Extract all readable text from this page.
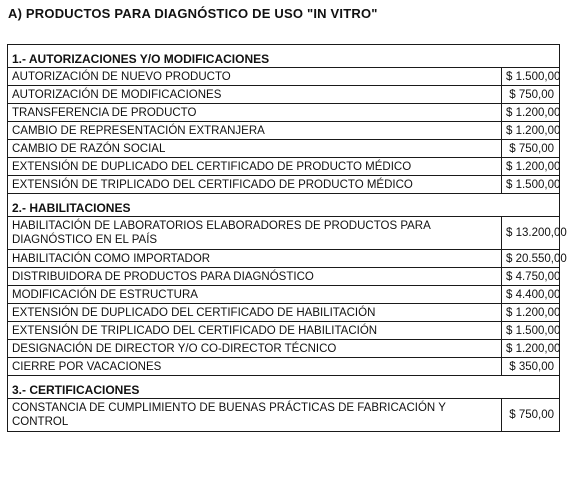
A) PRODUCTOS PARA DIAGNÓSTICO DE USO "IN VITRO"
1.- AUTORIZACIONES Y/O MODIFICACIONES	
AUTORIZACIÓN DE NUEVO PRODUCTO	$ 1.500,00
AUTORIZACIÓN DE MODIFICACIONES	$ 750,00
TRANSFERENCIA DE PRODUCTO	$ 1.200,00
CAMBIO DE REPRESENTACIÓN EXTRANJERA	$ 1.200,00
CAMBIO DE RAZÓN SOCIAL	$ 750,00
EXTENSIÓN DE DUPLICADO DEL CERTIFICADO DE PRODUCTO MÉDICO	$ 1.200,00
EXTENSIÓN DE TRIPLICADO DEL CERTIFICADO DE PRODUCTO MÉDICO	$ 1.500,00
2.- HABILITACIONES	
HABILITACIÓN DE LABORATORIOS ELABORADORES DE PRODUCTOS PARA DIAGNÓSTICO EN EL PAÍS	$ 13.200,00
HABILITACIÓN COMO IMPORTADOR	$ 20.550,00
DISTRIBUIDORA DE PRODUCTOS PARA DIAGNÓSTICO	$ 4.750,00
MODIFICACIÓN DE ESTRUCTURA	$ 4.400,00
EXTENSIÓN DE DUPLICADO DEL CERTIFICADO DE HABILITACIÓN	$ 1.200,00
EXTENSIÓN DE TRIPLICADO DEL CERTIFICADO DE HABILITACIÓN	$ 1.500,00
DESIGNACIÓN DE DIRECTOR Y/O CO-DIRECTOR TÉCNICO	$ 1.200,00
CIERRE POR VACACIONES	$ 350,00
3.- CERTIFICACIONES	
CONSTANCIA DE CUMPLIMIENTO DE BUENAS PRÁCTICAS DE FABRICACIÓN Y CONTROL	$ 750,00
